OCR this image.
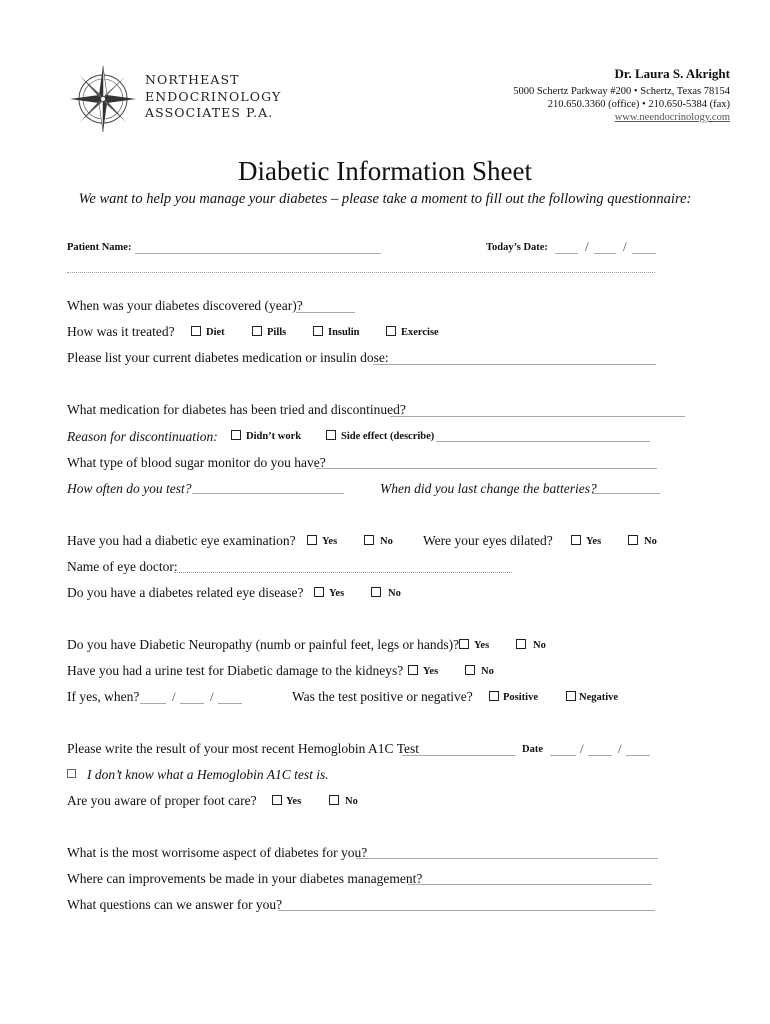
NORTHEAST
ENDOCRINOLOGY
ASSOCIATES P.A.
Dr. Laura S. Akright
5000 Schertz Parkway #200 • Schertz, Texas 78154
210.650.3360 (office) • 210.650-5384 (fax)
www.neendocrinology.com
Diabetic Information Sheet
We want to help you manage your diabetes – please take a moment to fill out the following questionnaire:
Patient Name:	Today’s Date:	/	/
When was your diabetes discovered (year)?
How was it treated?	Diet	Pills	Insulin	Exercise
Please list your current diabetes medication or insulin dose:
What medication for diabetes has been tried and discontinued?
Reason for discontinuation:	Didn’t work	Side effect (describe)
What type of blood sugar monitor do you have?
How often do you test?	When did you last change the batteries?
Have you had a diabetic eye examination?	Yes	No Were your eyes dilated?	Yes	No
Name of eye doctor:
Do you have a diabetes related eye disease? Yes	No
Do you have Diabetic Neuropathy (numb or painful feet, legs or hands)? Yes	No
Have you had a urine test for Diabetic damage to the kidneys? Yes	No
If yes, when?	/	/	Was the test positive or negative?	Positive	Negative
Please write the result of your most recent Hemoglobin A1C Test	Date	/	/
I don’t know what a Hemoglobin A1C test is.
Are you aware of proper foot care?	Yes	No
What is the most worrisome aspect of diabetes for you?
Where can improvements be made in your diabetes management?
What questions can we answer for you?
